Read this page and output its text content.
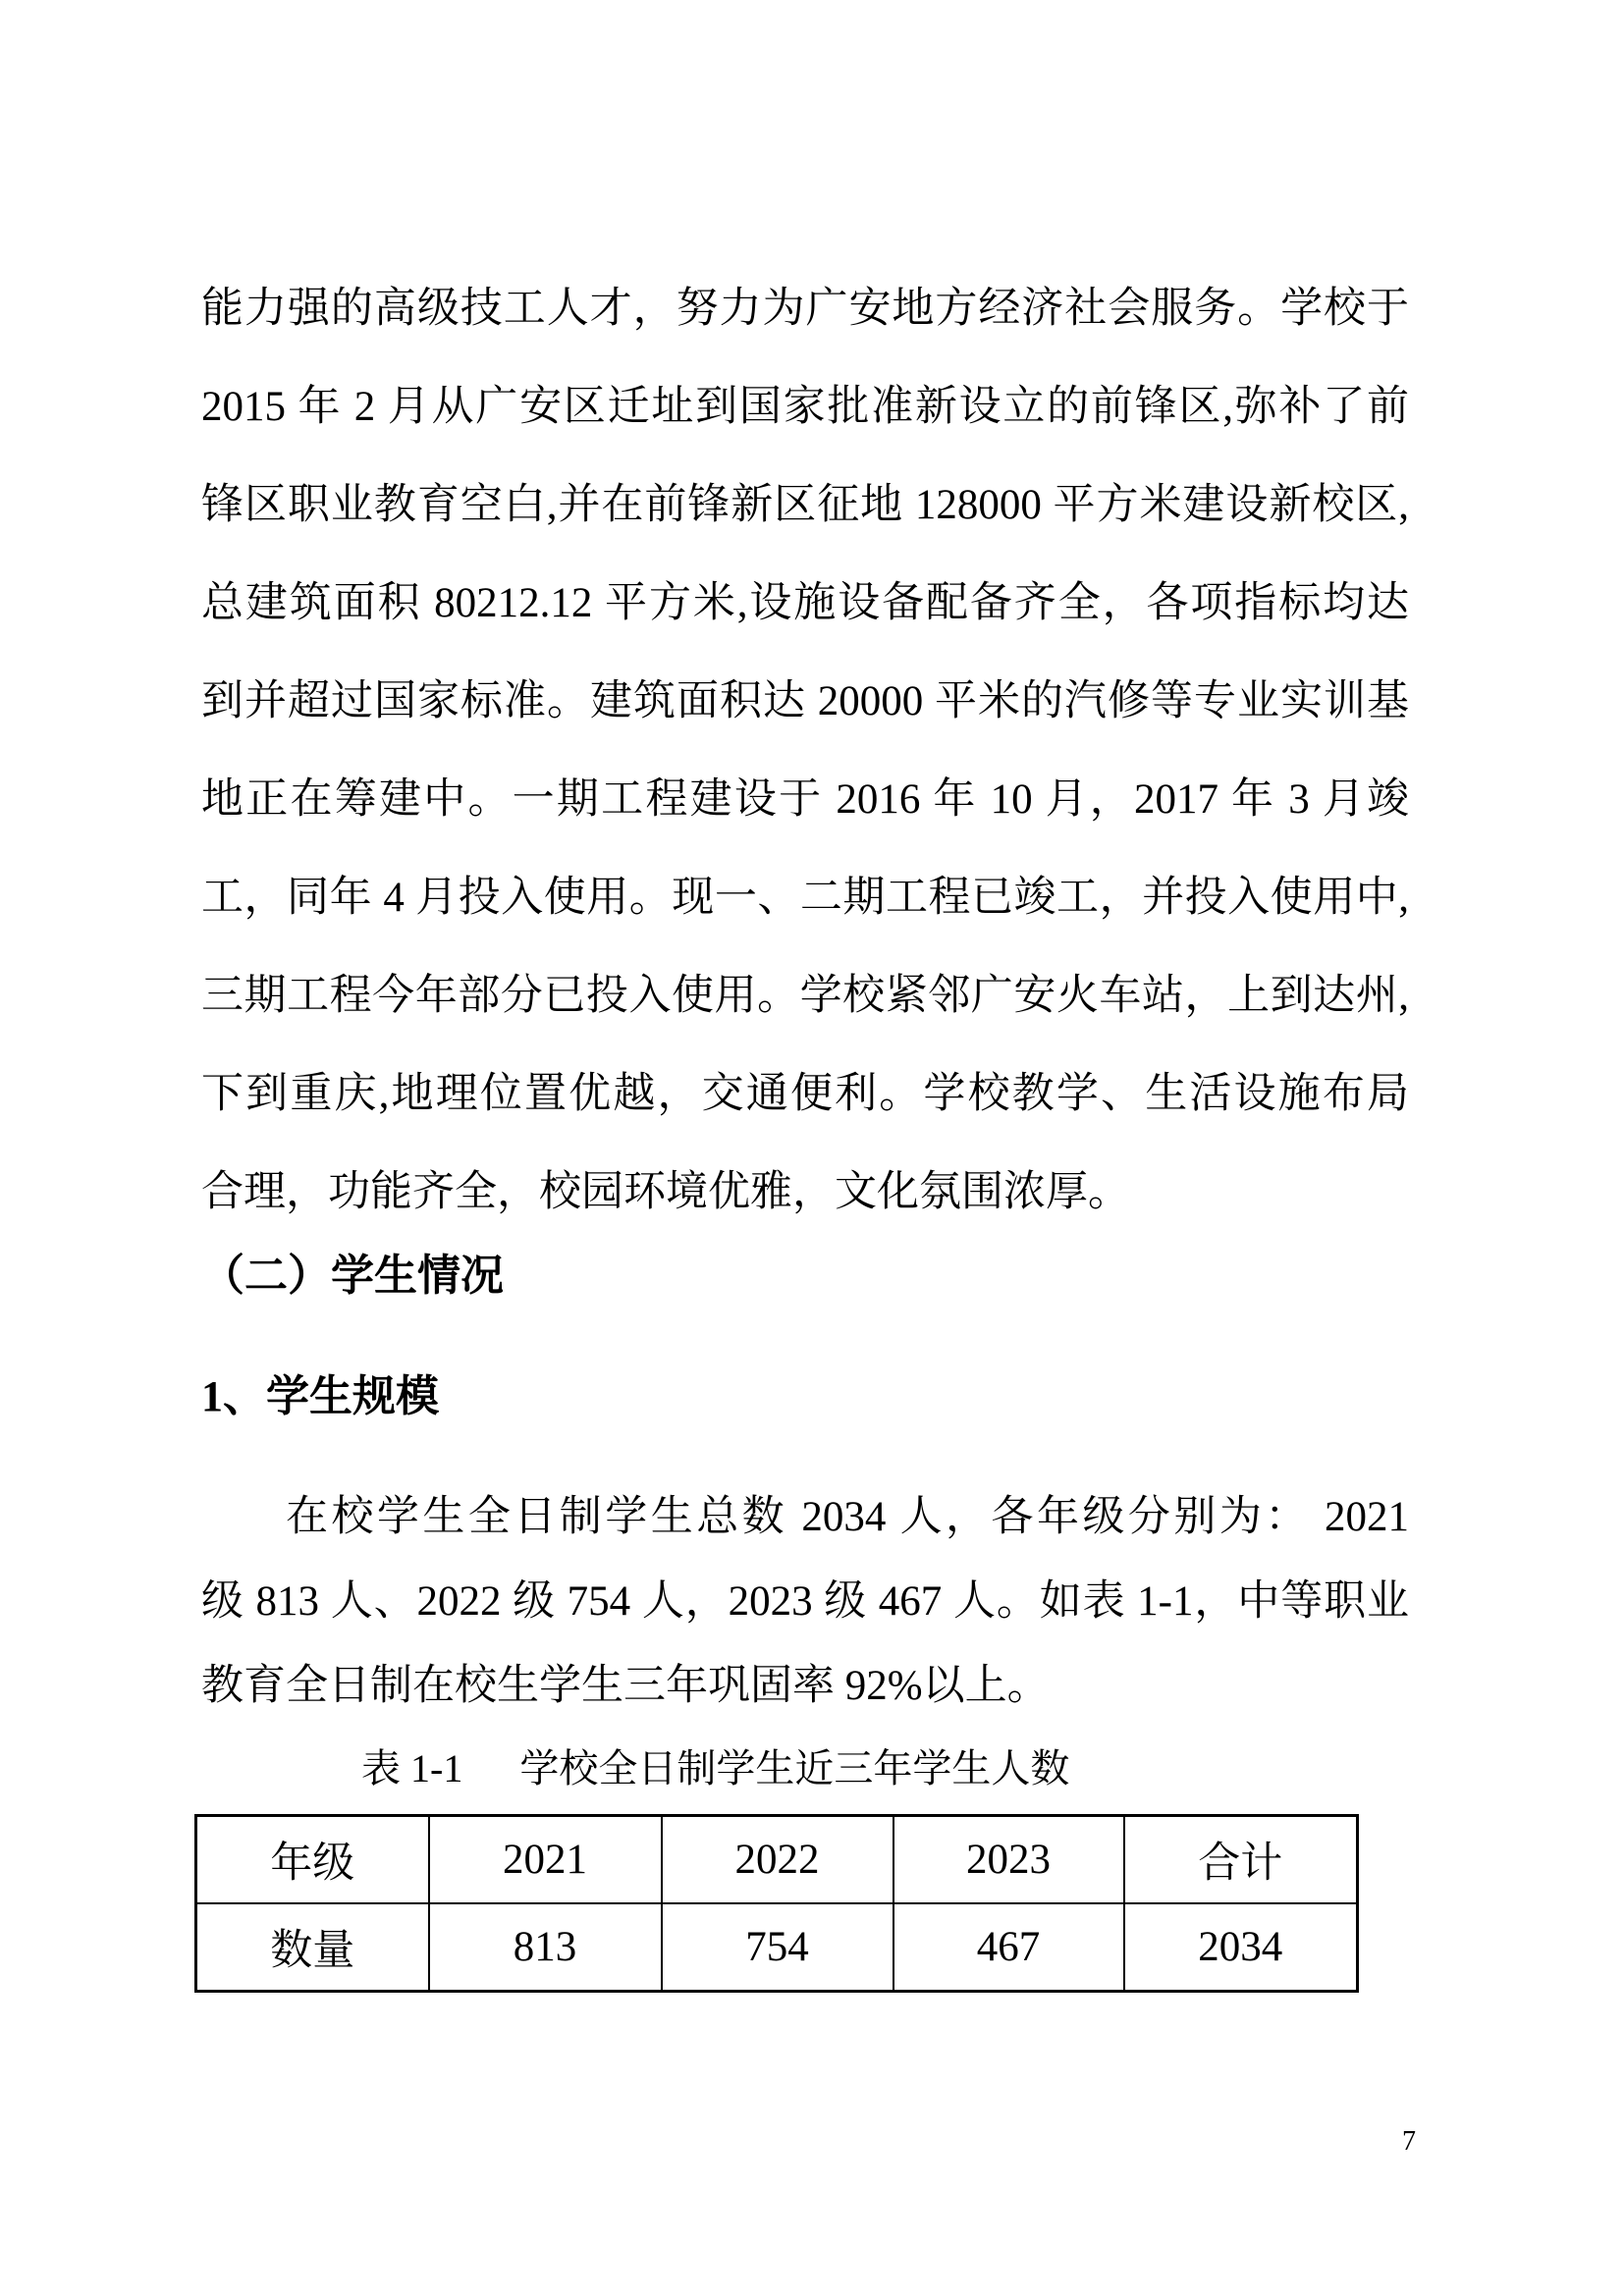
能力强的高级技工人才，努力为广安地方经济社会服务。学校于
2015 年 2 月从广安区迁址到国家批准新设立的前锋区,弥补了前
锋区职业教育空白,并在前锋新区征地 128000 平方米建设新校区,
总建筑面积 80212.12 平方米,设施设备配备齐全，各项指标均达
到并超过国家标准。建筑面积达 20000 平米的汽修等专业实训基
地正在筹建中。一期工程建设于 2016 年 10 月，2017 年 3 月竣
工，同年 4 月投入使用。现一、二期工程已竣工，并投入使用中,
三期工程今年部分已投入使用。学校紧邻广安火车站，上到达州,
下到重庆,地理位置优越，交通便利。学校教学、生活设施布局
合理，功能齐全，校园环境优雅，文化氛围浓厚。
（二）学生情况
1、学生规模
在校学生全日制学生总数 2034 人，各年级分别为： 2021
级 813 人、2022 级 754 人，2023 级 467 人。如表 1-1，中等职业
教育全日制在校生学生三年巩固率 92%以上。
表 1-1 学校全日制学生近三年学生人数
年级	2021	2022	2023	合计
数量	813	754	467	2034
7
